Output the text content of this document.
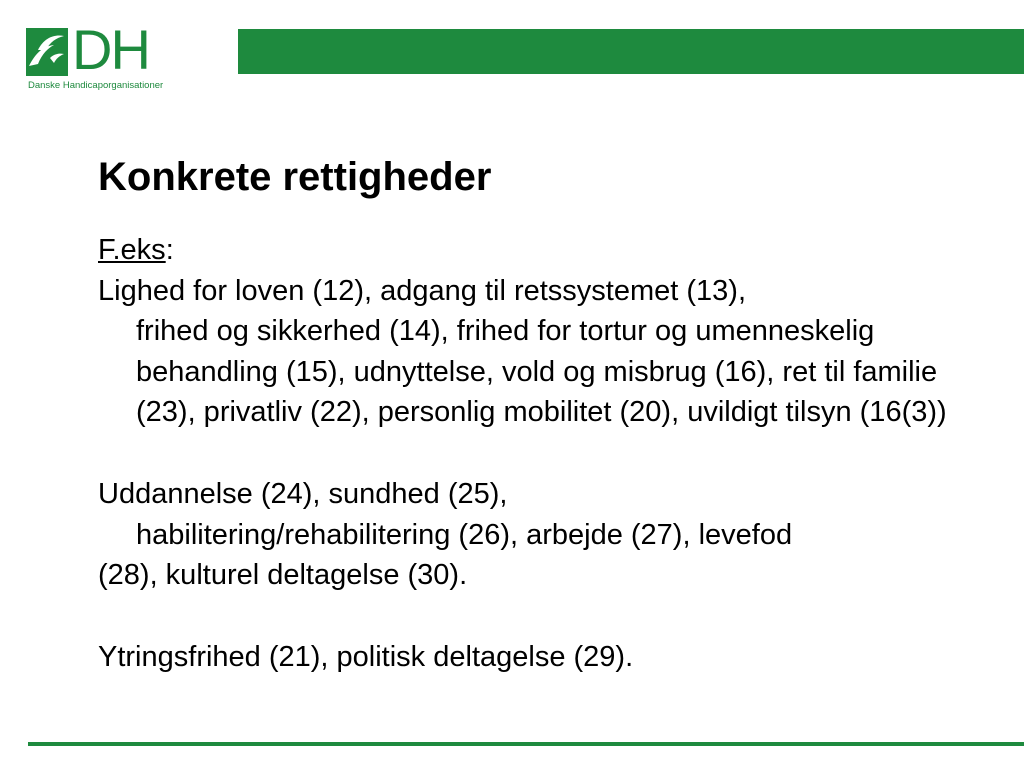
DH
Danske Handicaporganisationer
Konkrete rettigheder

F.eks:

Lighed for loven (12), adgang til retssystemet (13),
frihed og sikkerhed (14), frihed for tortur og umenneskelig behandling (15), udnyttelse, vold og misbrug (16), ret til familie (23), privatliv (22), personlig mobilitet (20), uvildigt tilsyn (16(3))

Uddannelse (24), sundhed (25),
habilitering/rehabilitering (26), arbejde (27), levefod
(28), kulturel deltagelse (30).

Ytringsfrihed (21), politisk deltagelse (29).
